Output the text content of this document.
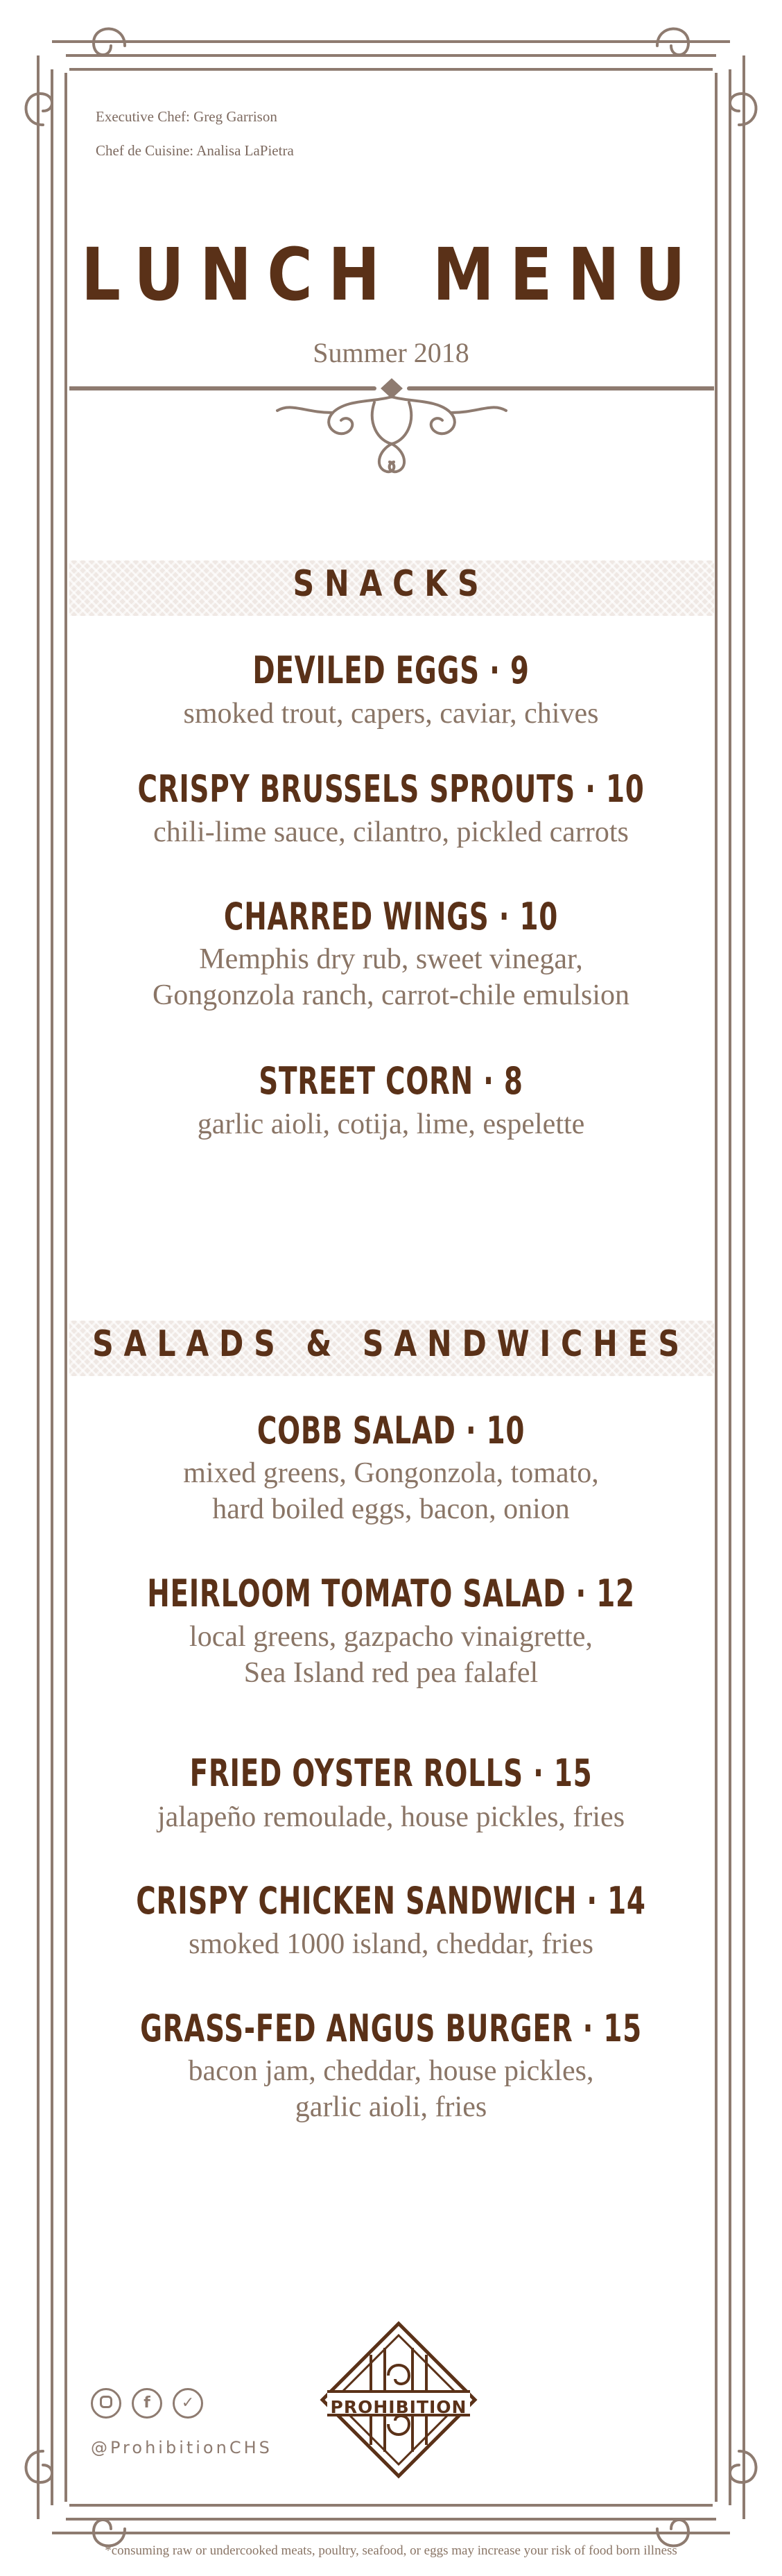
Executive Chef: Greg Garrison
Chef de Cuisine: Analisa LaPietra
LUNCH MENU
Summer 2018
SNACKS
DEVILED EGGS · 9
smoked trout, capers, caviar, chives
CRISPY BRUSSELS SPROUTS · 10
chili-lime sauce, cilantro, pickled carrots
CHARRED WINGS · 10
Memphis dry rub, sweet vinegar,
Gongonzola ranch, carrot-chile emulsion
STREET CORN · 8
garlic aioli, cotija, lime, espelette
SALADS & SANDWICHES
COBB SALAD · 10
mixed greens, Gongonzola, tomato,
hard boiled eggs, bacon, onion
HEIRLOOM TOMATO SALAD · 12
local greens, gazpacho vinaigrette,
Sea Island red pea falafel
FRIED OYSTER ROLLS · 15
jalapeño remoulade, house pickles, fries
CRISPY CHICKEN SANDWICH · 14
smoked 1000 island, cheddar, fries
GRASS-FED ANGUS BURGER · 15
bacon jam, cheddar, house pickles,
garlic aioli, fries
f	✓
@ProhibitionCHS
PROHIBITION
*consuming raw or undercooked meats, poultry, seafood, or eggs may increase your risk of food born illness
